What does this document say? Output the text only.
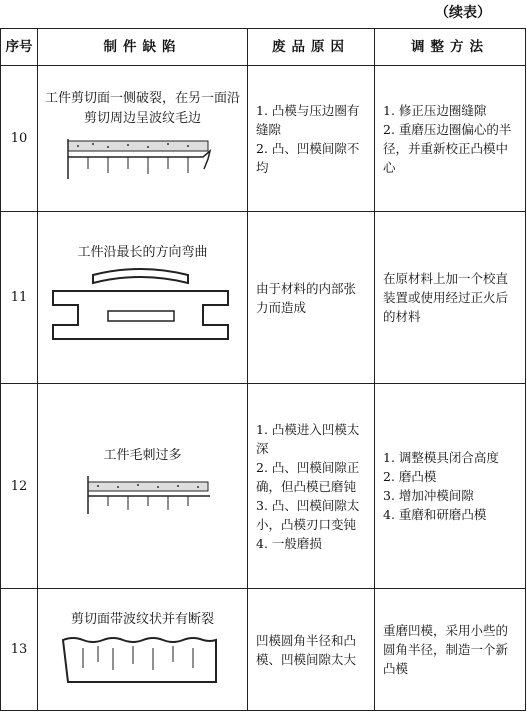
（续表）
序号	制件缺陷	废品原因	调整方法
10	工件剪切面一侧破裂，在另一面沿剪切周边呈波纹毛边	1. 凸模与压边圈有缝隙
2. 凸、凹模间隙不均	1. 修正压边圈缝隙
2. 重磨压边圈偏心的半径，并重新校正凸模中心

11	工件沿最长的方向弯曲	由于材料的内部张力而造成	在原材料上加一个校直装置或使用经过正火后的材料

12	工件毛刺过多	1. 凸模进入凹模太深
2. 凸、凹模间隙正确，但凸模已磨钝
3. 凸、凹模间隙太小，凸模刃口变钝
4. 一般磨损	1. 调整模具闭合高度
2. 磨凸模
3. 增加冲模间隙
4. 重磨和研磨凸模

13	剪切面带波纹状并有断裂	凹模圆角半径和凸模、凹模间隙太大	重磨凹模，采用小些的圆角半径，制造一个新凸模
